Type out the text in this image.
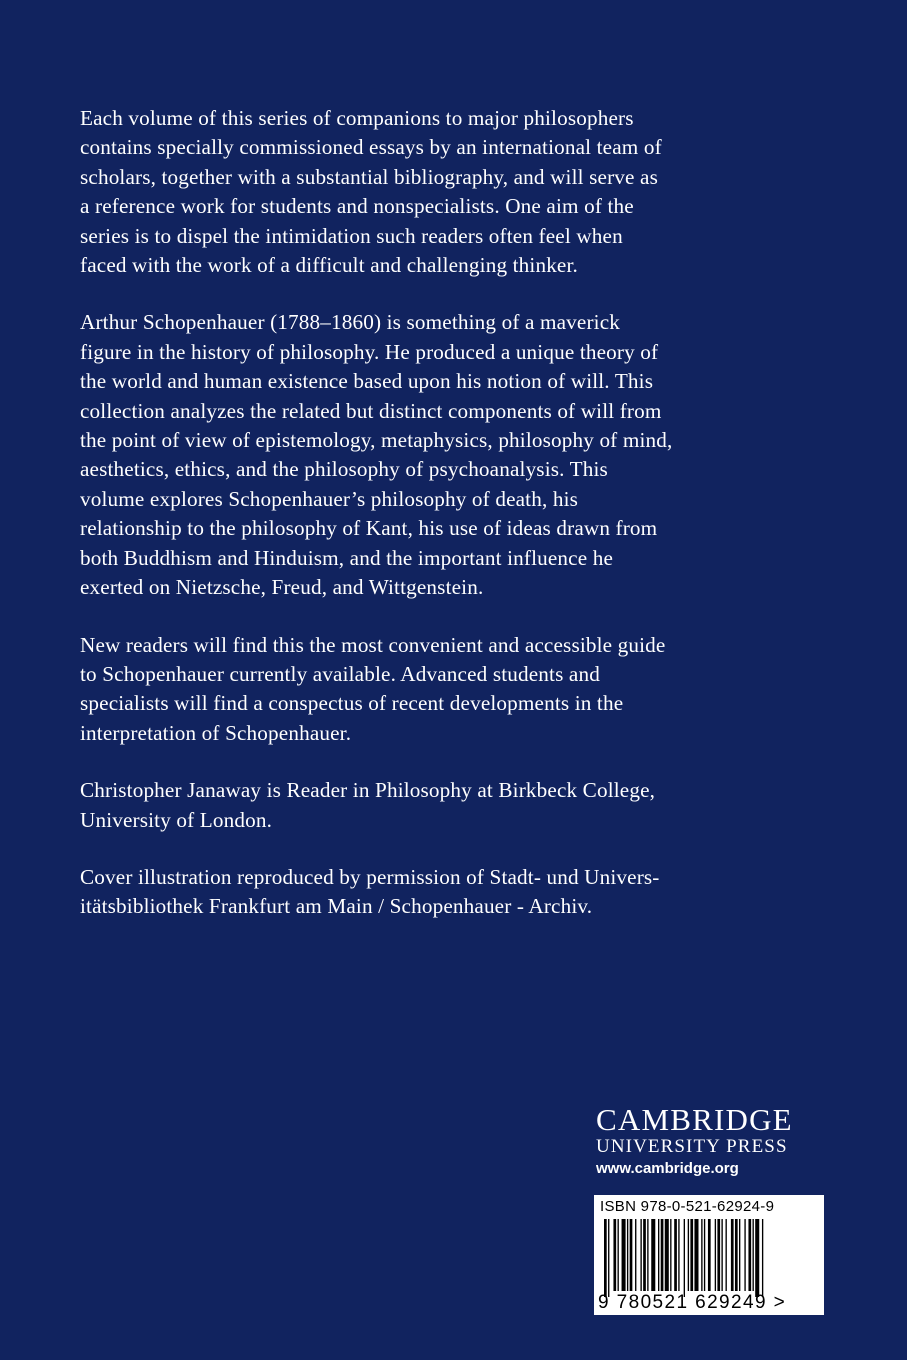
Each volume of this series of companions to major philosophers
contains specially commissioned essays by an international team of
scholars, together with a substantial bibliography, and will serve as
a reference work for students and nonspecialists. One aim of the
series is to dispel the intimidation such readers often feel when
faced with the work of a difficult and challenging thinker.

Arthur Schopenhauer (1788–1860) is something of a maverick
figure in the history of philosophy. He produced a unique theory of
the world and human existence based upon his notion of will. This
collection analyzes the related but distinct components of will from
the point of view of epistemology, metaphysics, philosophy of mind,
aesthetics, ethics, and the philosophy of psychoanalysis. This
volume explores Schopenhauer’s philosophy of death, his
relationship to the philosophy of Kant, his use of ideas drawn from
both Buddhism and Hinduism, and the important influence he
exerted on Nietzsche, Freud, and Wittgenstein.

New readers will find this the most convenient and accessible guide
to Schopenhauer currently available. Advanced students and
specialists will find a conspectus of recent developments in the
interpretation of Schopenhauer.

Christopher Janaway is Reader in Philosophy at Birkbeck College,
University of London.

Cover illustration reproduced by permission of Stadt- und Univers-
itätsbibliothek Frankfurt am Main / Schopenhauer - Archiv.

CAMBRIDGE
UNIVERSITY PRESS
www.cambridge.org
ISBN 978-0-521-62924-9
9 780521 629249 >
